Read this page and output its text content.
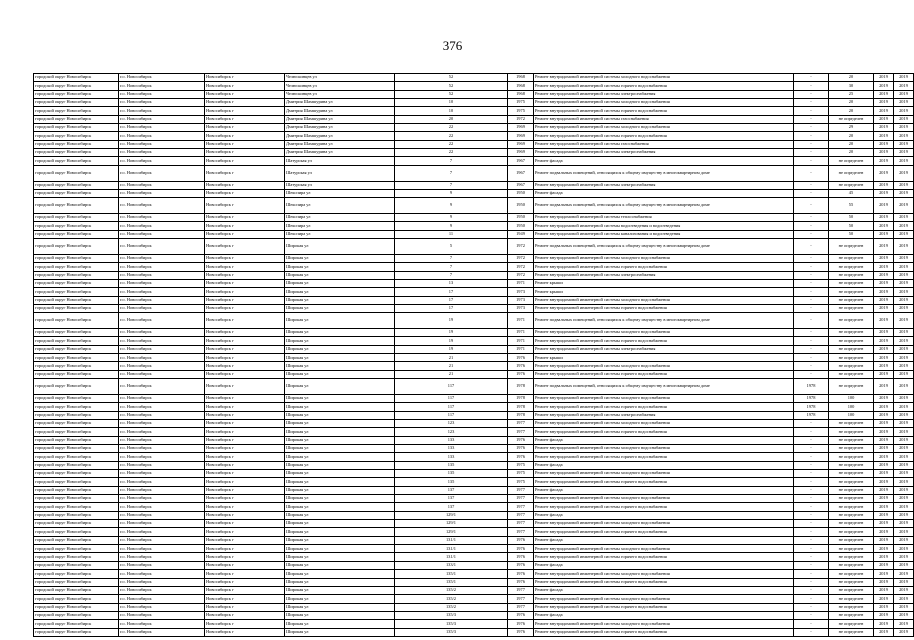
376
городской округ Новосибирск	г.о. Новосибирск	Новосибирск г	Челюскинцев ул	52	1968	Ремонт внутридомовой инженерной системы холодного водоснабжения	-	20	2019	2019
городской округ Новосибирск	г.о. Новосибирск	Новосибирск г	Челюскинцев ул	52	1968	Ремонт внутридомовой инженерной системы горячего водоснабжения	-	30	2019	2019
городской округ Новосибирск	г.о. Новосибирск	Новосибирск г	Челюскинцев ул	52	1968	Ремонт внутридомовой инженерной системы электроснабжения	-	25	2019	2019
городской округ Новосибирск	г.о. Новосибирск	Новосибирск г	Дмитрия Шамшурина ул	10	1975	Ремонт внутридомовой инженерной системы холодного водоснабжения	-	20	2019	2019
городской округ Новосибирск	г.о. Новосибирск	Новосибирск г	Дмитрия Шамшурина ул	10	1975	Ремонт внутридомовой инженерной системы горячего водоснабжения	-	20	2019	2019
городской округ Новосибирск	г.о. Новосибирск	Новосибирск г	Дмитрия Шамшурина ул	20	1972	Ремонт внутридомовой инженерной системы газоснабжения	-	не определен	2019	2019
городской округ Новосибирск	г.о. Новосибирск	Новосибирск г	Дмитрия Шамшурина ул	22	1969	Ремонт внутридомовой инженерной системы холодного водоснабжения	-	29	2019	2019
городской округ Новосибирск	г.о. Новосибирск	Новосибирск г	Дмитрия Шамшурина ул	22	1969	Ремонт внутридомовой инженерной системы горячего водоснабжения	-	20	2019	2019
городской округ Новосибирск	г.о. Новосибирск	Новосибирск г	Дмитрия Шамшурина ул	22	1969	Ремонт внутридомовой инженерной системы газоснабжения	-	20	2019	2019
городской округ Новосибирск	г.о. Новосибирск	Новосибирск г	Дмитрия Шамшурина ул	22	1969	Ремонт внутридомовой инженерной системы электроснабжения	-	20	2019	2019
городской округ Новосибирск	г.о. Новосибирск	Новосибирск г	Шатурская ул	7	1967	Ремонт фасада	-	не определен	2019	2019
городской округ Новосибирск	г.о. Новосибирск	Новосибирск г	Шатурская ул	7	1967	Ремонт подвальных помещений, относящихся к общему имуществу в многоквартирном доме	-	не определен	2019	2019
городской округ Новосибирск	г.о. Новосибирск	Новосибирск г	Шатурская ул	7	1967	Ремонт внутридомовой инженерной системы электроснабжения	-	не определен	2019	2019
городской округ Новосибирск	г.о. Новосибирск	Новосибирск г	Шекспира ул	9	1950	Ремонт фасада	-	45	2019	2019
городской округ Новосибирск	г.о. Новосибирск	Новосибирск г	Шекспира ул	9	1950	Ремонт подвальных помещений, относящихся к общему имуществу в многоквартирном доме	-	55	2019	2019
городской округ Новосибирск	г.о. Новосибирск	Новосибирск г	Шекспира ул	9	1950	Ремонт внутридомовой инженерной системы теплоснабжения	-	50	2019	2019
городской округ Новосибирск	г.о. Новосибирск	Новосибирск г	Шекспира ул	9	1950	Ремонт внутридомовой инженерной системы водоотведения и водоотведения	-	50	2019	2019
городской округ Новосибирск	г.о. Новосибирск	Новосибирск г	Шекспира ул	11	1949	Ремонт внутридомовой инженерной системы канализования и водоотведения	-	50	2019	2019
городской округ Новосибирск	г.о. Новосибирск	Новосибирск г	Широкая ул	5	1972	Ремонт подвальных помещений, относящихся к общему имуществу в многоквартирном доме	-	не определен	2019	2019
городской округ Новосибирск	г.о. Новосибирск	Новосибирск г	Широкая ул	7	1972	Ремонт внутридомовой инженерной системы холодного водоснабжения	-	не определен	2019	2019
городской округ Новосибирск	г.о. Новосибирск	Новосибирск г	Широкая ул	7	1972	Ремонт внутридомовой инженерной системы горячего водоснабжения	-	не определен	2019	2019
городской округ Новосибирск	г.о. Новосибирск	Новосибирск г	Широкая ул	7	1972	Ремонт внутридомовой инженерной системы электроснабжения	-	не определен	2019	2019
городской округ Новосибирск	г.о. Новосибирск	Новосибирск г	Широкая ул	13	1971	Ремонт крыши	-	не определен	2019	2019
городской округ Новосибирск	г.о. Новосибирск	Новосибирск г	Широкая ул	17	1973	Ремонт крыши	-	не определен	2019	2019
городской округ Новосибирск	г.о. Новосибирск	Новосибирск г	Широкая ул	17	1973	Ремонт внутридомовой инженерной системы холодного водоснабжения	-	не определен	2019	2019
городской округ Новосибирск	г.о. Новосибирск	Новосибирск г	Широкая ул	17	1973	Ремонт внутридомовой инженерной системы горячего водоснабжения	-	не определен	2019	2019
городской округ Новосибирск	г.о. Новосибирск	Новосибирск г	Широкая ул	19	1971	Ремонт подвальных помещений, относящихся к общему имуществу в многоквартирном доме	-	не определен	2019	2019
городской округ Новосибирск	г.о. Новосибирск	Новосибирск г	Широкая ул	19	1971	Ремонт внутридомовой инженерной системы холодного водоснабжения	-	не определен	2019	2019
городской округ Новосибирск	г.о. Новосибирск	Новосибирск г	Широкая ул	19	1971	Ремонт внутридомовой инженерной системы горячего водоснабжения	-	не определен	2019	2019
городской округ Новосибирск	г.о. Новосибирск	Новосибирск г	Широкая ул	19	1971	Ремонт внутридомовой инженерной системы электроснабжения	-	не определен	2019	2019
городской округ Новосибирск	г.о. Новосибирск	Новосибирск г	Широкая ул	21	1976	Ремонт крыши	-	не определен	2019	2019
городской округ Новосибирск	г.о. Новосибирск	Новосибирск г	Широкая ул	21	1976	Ремонт внутридомовой инженерной системы холодного водоснабжения	-	не определен	2019	2019
городской округ Новосибирск	г.о. Новосибирск	Новосибирск г	Широкая ул	21	1976	Ремонт внутридомовой инженерной системы горячего водоснабжения	-	не определен	2019	2019
городской округ Новосибирск	г.о. Новосибирск	Новосибирск г	Широкая ул	117	1978	Ремонт подвальных помещений, относящихся к общему имуществу в многоквартирном доме	1978	не определен	2019	2019
городской округ Новосибирск	г.о. Новосибирск	Новосибирск г	Широкая ул	117	1978	Ремонт внутридомовой инженерной системы холодного водоснабжения	1978	100	2019	2019
городской округ Новосибирск	г.о. Новосибирск	Новосибирск г	Широкая ул	117	1978	Ремонт внутридомовой инженерной системы горячего водоснабжения	1978	100	2019	2019
городской округ Новосибирск	г.о. Новосибирск	Новосибирск г	Широкая ул	117	1978	Ремонт внутридомовой инженерной системы электроснабжения	1978	100	2019	2019
городской округ Новосибирск	г.о. Новосибирск	Новосибирск г	Широкая ул	123	1977	Ремонт внутридомовой инженерной системы холодного водоснабжения	-	не определен	2019	2019
городской округ Новосибирск	г.о. Новосибирск	Новосибирск г	Широкая ул	123	1977	Ремонт внутридомовой инженерной системы горячего водоснабжения	-	не определен	2019	2019
городской округ Новосибирск	г.о. Новосибирск	Новосибирск г	Широкая ул	133	1976	Ремонт фасада	-	не определен	2019	2019
городской округ Новосибирск	г.о. Новосибирск	Новосибирск г	Широкая ул	133	1976	Ремонт внутридомовой инженерной системы холодного водоснабжения	-	не определен	2019	2019
городской округ Новосибирск	г.о. Новосибирск	Новосибирск г	Широкая ул	133	1976	Ремонт внутридомовой инженерной системы горячего водоснабжения	-	не определен	2019	2019
городской округ Новосибирск	г.о. Новосибирск	Новосибирск г	Широкая ул	135	1975	Ремонт фасада	-	не определен	2019	2019
городской округ Новосибирск	г.о. Новосибирск	Новосибирск г	Широкая ул	135	1975	Ремонт внутридомовой инженерной системы холодного водоснабжения	-	не определен	2019	2019
городской округ Новосибирск	г.о. Новосибирск	Новосибирск г	Широкая ул	135	1975	Ремонт внутридомовой инженерной системы горячего водоснабжения	-	не определен	2019	2019
городской округ Новосибирск	г.о. Новосибирск	Новосибирск г	Широкая ул	137	1977	Ремонт фасада	-	не определен	2019	2019
городской округ Новосибирск	г.о. Новосибирск	Новосибирск г	Широкая ул	137	1977	Ремонт внутридомовой инженерной системы холодного водоснабжения	-	не определен	2019	2019
городской округ Новосибирск	г.о. Новосибирск	Новосибирск г	Широкая ул	137	1977	Ремонт внутридомовой инженерной системы горячего водоснабжения	-	не определен	2019	2019
городской округ Новосибирск	г.о. Новосибирск	Новосибирск г	Широкая ул	129/1	1977	Ремонт фасада	-	не определен	2019	2019
городской округ Новосибирск	г.о. Новосибирск	Новосибирск г	Широкая ул	129/1	1977	Ремонт внутридомовой инженерной системы холодного водоснабжения	-	не определен	2019	2019
городской округ Новосибирск	г.о. Новосибирск	Новосибирск г	Широкая ул	129/1	1977	Ремонт внутридомовой инженерной системы горячего водоснабжения	-	не определен	2019	2019
городской округ Новосибирск	г.о. Новосибирск	Новосибирск г	Широкая ул	131/1	1976	Ремонт фасада	-	не определен	2019	2019
городской округ Новосибирск	г.о. Новосибирск	Новосибирск г	Широкая ул	131/1	1976	Ремонт внутридомовой инженерной системы холодного водоснабжения	-	не определен	2019	2019
городской округ Новосибирск	г.о. Новосибирск	Новосибирск г	Широкая ул	131/1	1976	Ремонт внутридомовой инженерной системы горячего водоснабжения	-	не определен	2019	2019
городской округ Новосибирск	г.о. Новосибирск	Новосибирск г	Широкая ул	133/1	1976	Ремонт фасада	-	не определен	2019	2019
городской округ Новосибирск	г.о. Новосибирск	Новосибирск г	Широкая ул	135/1	1976	Ремонт внутридомовой инженерной системы холодного водоснабжения	-	не определен	2019	2019
городской округ Новосибирск	г.о. Новосибирск	Новосибирск г	Широкая ул	135/1	1976	Ремонт внутридомовой инженерной системы горячего водоснабжения	-	не определен	2019	2019
городской округ Новосибирск	г.о. Новосибирск	Новосибирск г	Широкая ул	135/2	1977	Ремонт фасада	-	не определен	2019	2019
городской округ Новосибирск	г.о. Новосибирск	Новосибирск г	Широкая ул	135/2	1977	Ремонт внутридомовой инженерной системы холодного водоснабжения	-	не определен	2019	2019
городской округ Новосибирск	г.о. Новосибирск	Новосибирск г	Широкая ул	135/2	1977	Ремонт внутридомовой инженерной системы горячего водоснабжения	-	не определен	2019	2019
городской округ Новосибирск	г.о. Новосибирск	Новосибирск г	Широкая ул	135/3	1976	Ремонт фасада	-	не определен	2019	2019
городской округ Новосибирск	г.о. Новосибирск	Новосибирск г	Широкая ул	135/3	1976	Ремонт внутридомовой инженерной системы холодного водоснабжения	-	не определен	2019	2019
городской округ Новосибирск	г.о. Новосибирск	Новосибирск г	Широкая ул	135/3	1976	Ремонт внутридомовой инженерной системы горячего водоснабжения	-	не определен	2019	2019
